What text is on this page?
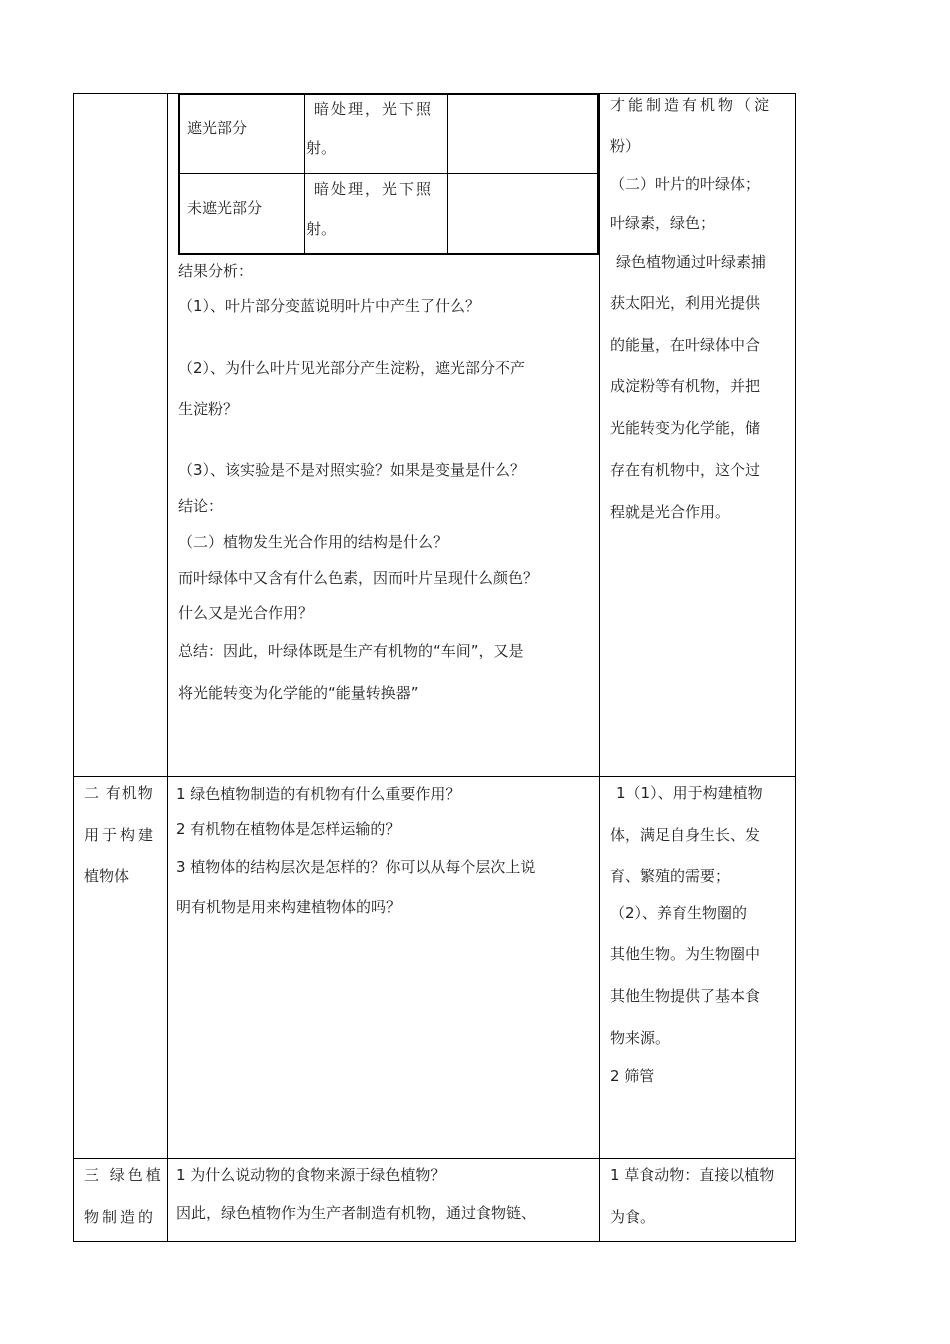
遮光部分
暗处理，光下照
射。
未遮光部分
暗处理，光下照
射。
结果分析：
（1）、叶片部分变蓝说明叶片中产生了什么？
（2）、为什么叶片见光部分产生淀粉，遮光部分不产
生淀粉？
（3）、该实验是不是对照实验？如果是变量是什么？
结论：
（二）植物发生光合作用的结构是什么？
而叶绿体中又含有什么色素，因而叶片呈现什么颜色？
什么又是光合作用？
总结：因此，叶绿体既是生产有机物的“车间”，又是
将光能转变为化学能的“能量转换器”
才能制造有机物（淀
粉）
（二）叶片的叶绿体；
叶绿素，绿色；
绿色植物通过叶绿素捕
获太阳光，利用光提供
的能量，在叶绿体中合
成淀粉等有机物，并把
光能转变为化学能，储
存在有机物中，这个过
程就是光合作用。
二 有机物
用于构建
植物体
1 绿色植物制造的有机物有什么重要作用？
2 有机物在植物体是怎样运输的？
3 植物体的结构层次是怎样的？你可以从每个层次上说
明有机物是用来构建植物体的吗？
1（1）、用于构建植物
体，满足自身生长、发
育、繁殖的需要；
（2）、养育生物圈的
其他生物。为生物圈中
其他生物提供了基本食
物来源。
2 筛管
三 绿色植
物制造的
1 为什么说动物的食物来源于绿色植物？
因此，绿色植物作为生产者制造有机物，通过食物链、
1 草食动物：直接以植物
为食。
